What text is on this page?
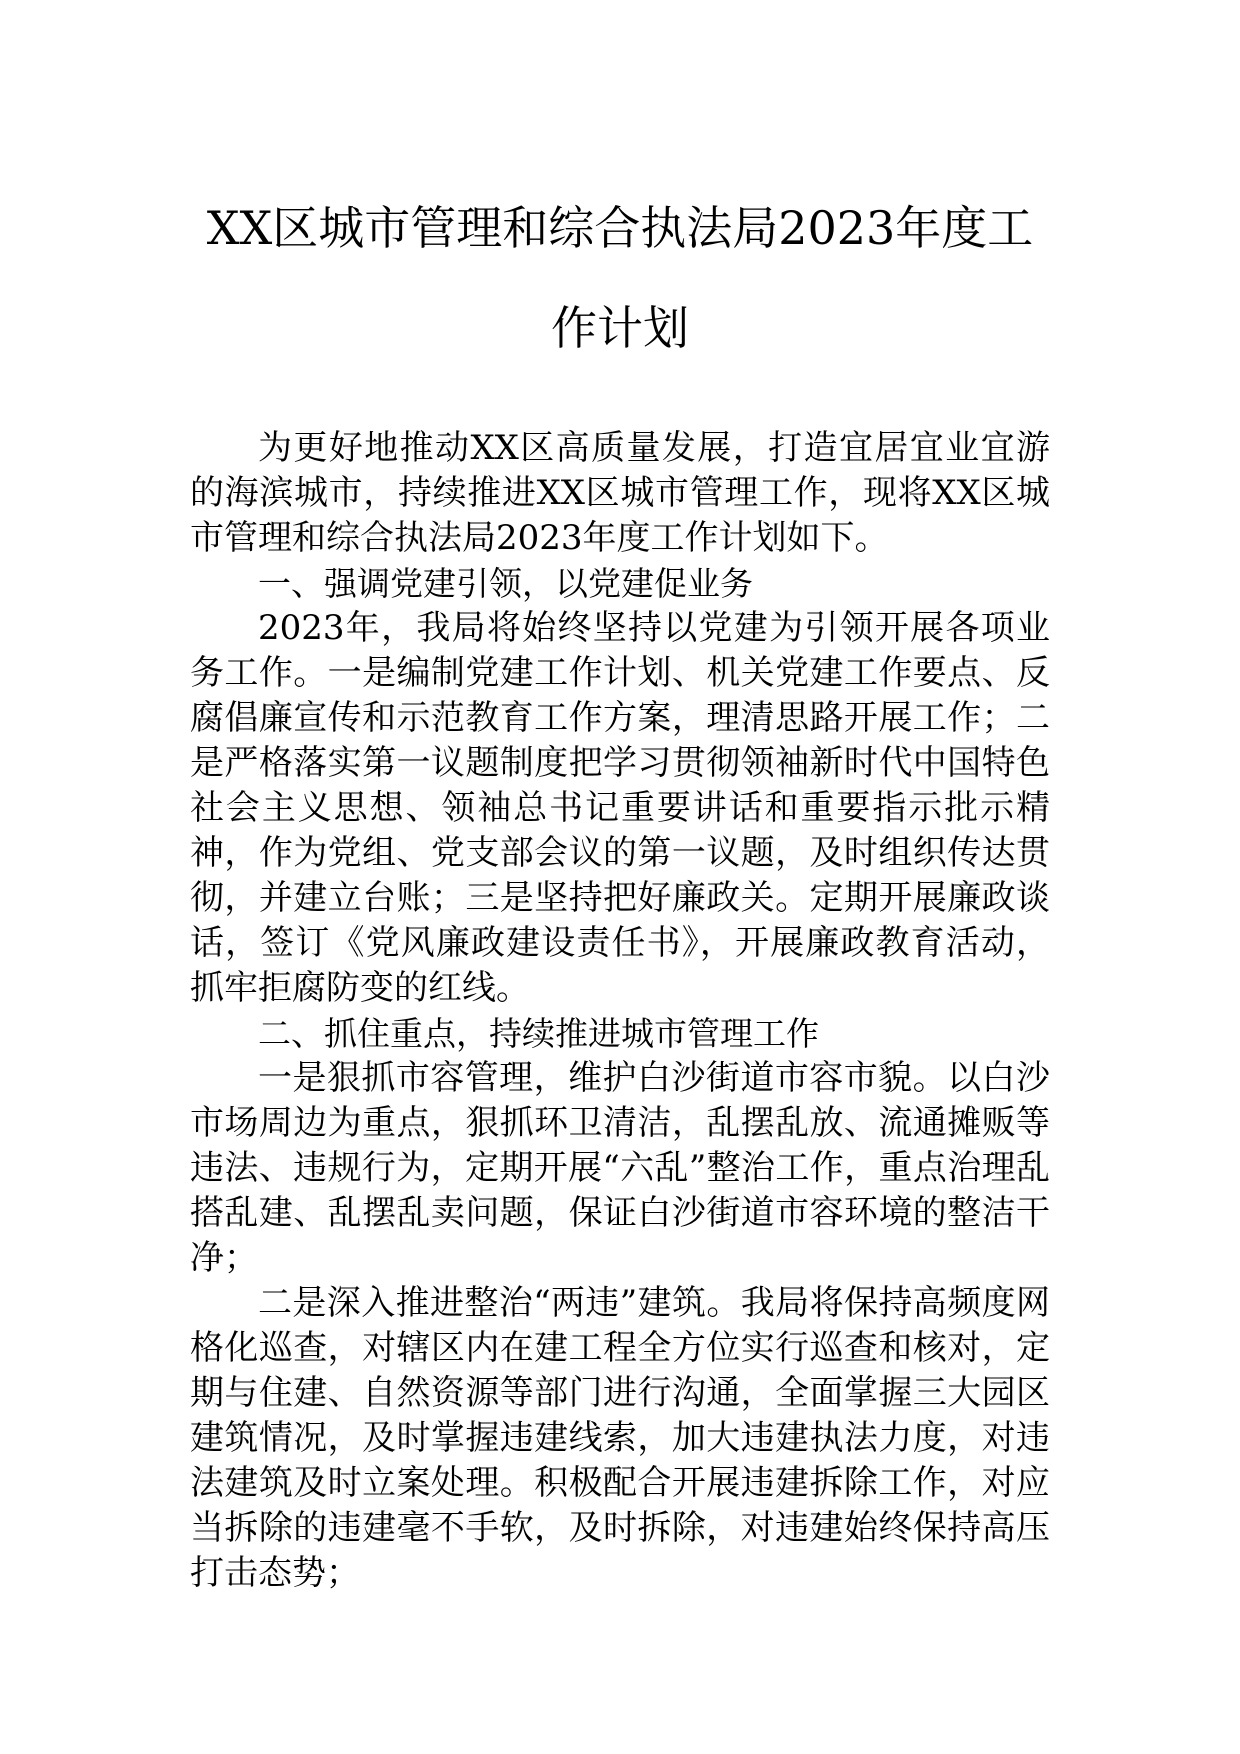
XX区城市管理和综合执法局2023年度工作计划

为更好地推动XX区高质量发展，打造宜居宜业宜游的海滨城市，持续推进XX区城市管理工作，现将XX区城市管理和综合执法局2023年度工作计划如下。

一、强调党建引领，以党建促业务

2023年，我局将始终坚持以党建为引领开展各项业务工作。一是编制党建工作计划、机关党建工作要点、反腐倡廉宣传和示范教育工作方案，理清思路开展工作；二是严格落实第一议题制度把学习贯彻领袖新时代中国特色社会主义思想、领袖总书记重要讲话和重要指示批示精神，作为党组、党支部会议的第一议题，及时组织传达贯彻，并建立台账；三是坚持把好廉政关。定期开展廉政谈话，签订《党风廉政建设责任书》，开展廉政教育活动，抓牢拒腐防变的红线。

二、抓住重点，持续推进城市管理工作

一是狠抓市容管理，维护白沙街道市容市貌。以白沙市场周边为重点，狠抓环卫清洁，乱摆乱放、流通摊贩等违法、违规行为，定期开展“六乱”整治工作，重点治理乱搭乱建、乱摆乱卖问题，保证白沙街道市容环境的整洁干净；

二是深入推进整治“两违”建筑。我局将保持高频度网格化巡查，对辖区内在建工程全方位实行巡查和核对，定期与住建、自然资源等部门进行沟通，全面掌握三大园区建筑情况，及时掌握违建线索，加大违建执法力度，对违法建筑及时立案处理。积极配合开展违建拆除工作，对应当拆除的违建毫不手软，及时拆除，对违建始终保持高压打击态势；
